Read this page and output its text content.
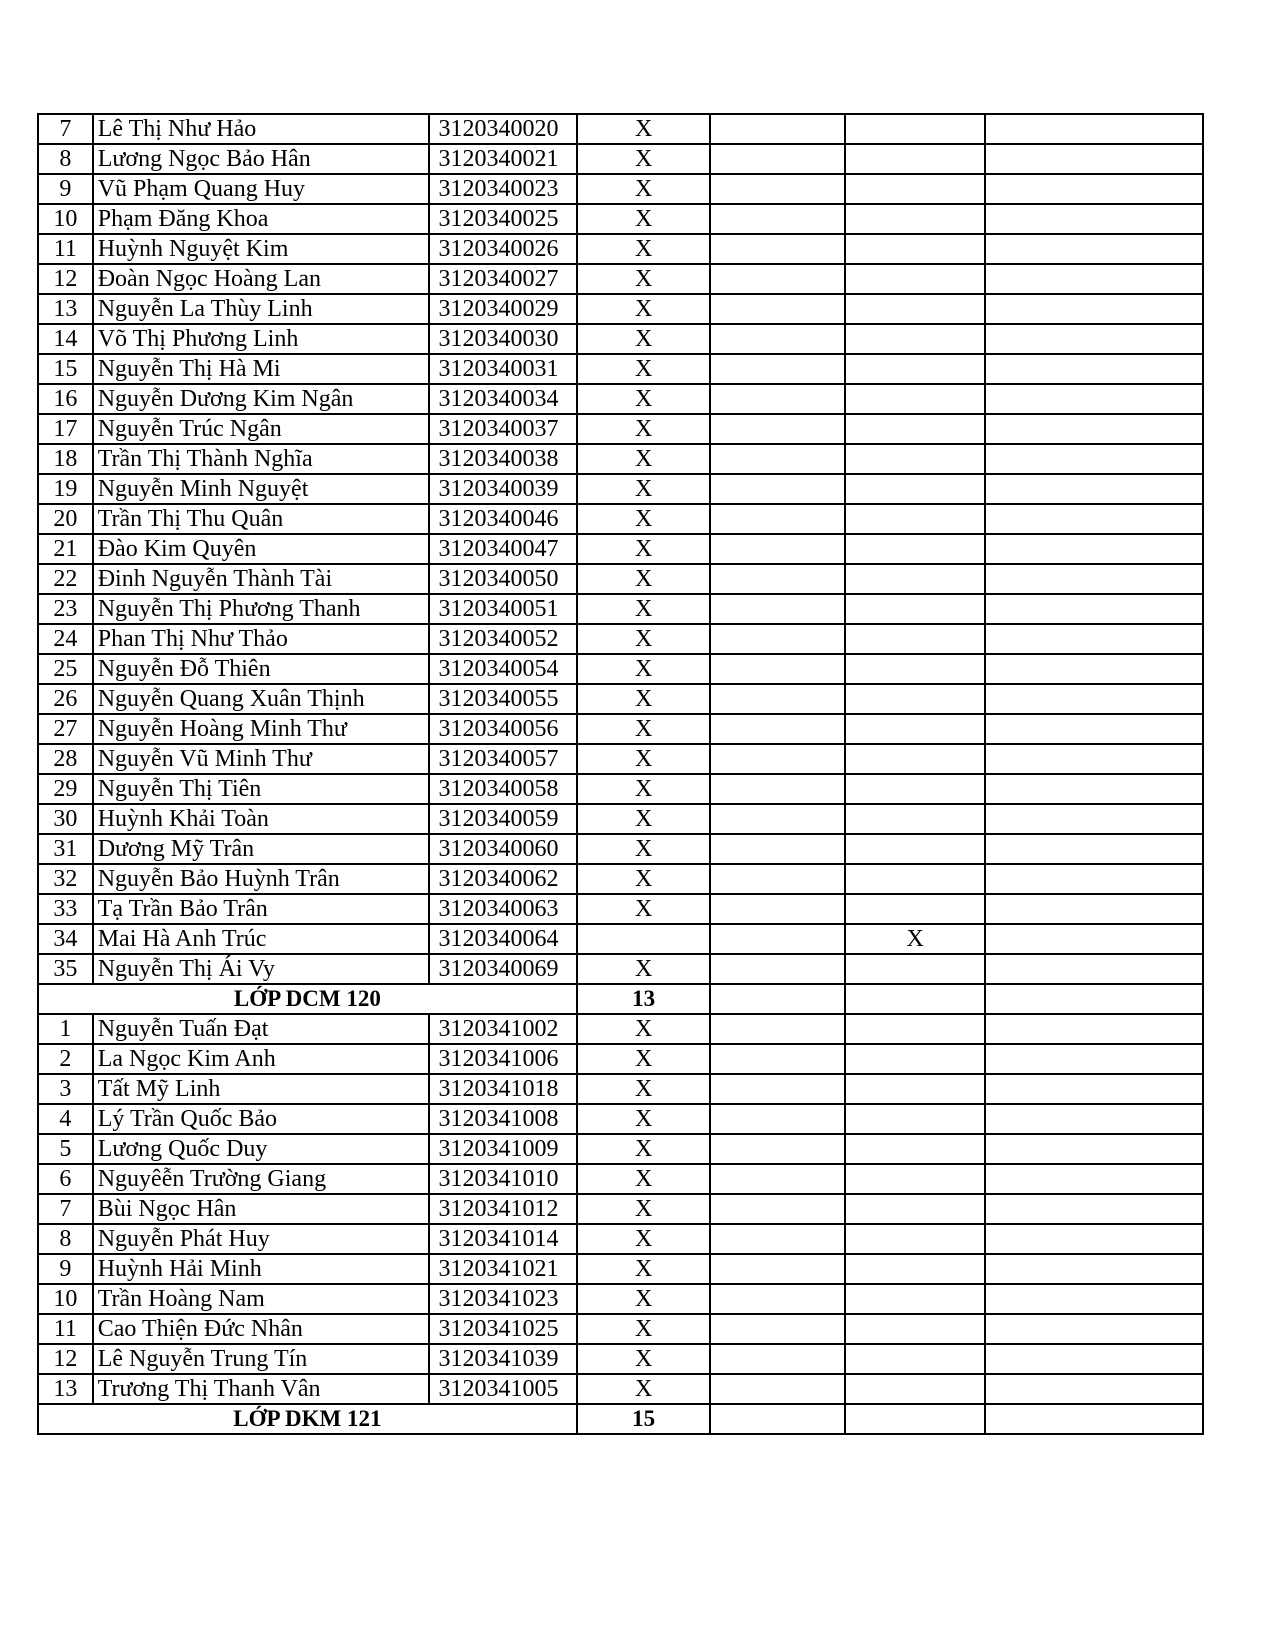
7	Lê Thị Như Hảo	3120340020	X			
8	Lương Ngọc Bảo Hân	3120340021	X			
9	Vũ Phạm Quang Huy	3120340023	X			
10	Phạm Đăng Khoa	3120340025	X			
11	Huỳnh Nguyệt Kim	3120340026	X			
12	Đoàn Ngọc Hoàng Lan	3120340027	X			
13	Nguyễn La Thùy Linh	3120340029	X			
14	Võ Thị Phương Linh	3120340030	X			
15	Nguyễn Thị Hà Mi	3120340031	X			
16	Nguyễn Dương Kim Ngân	3120340034	X			
17	Nguyễn Trúc Ngân	3120340037	X			
18	Trần Thị Thành Nghĩa	3120340038	X			
19	Nguyễn Minh Nguyệt	3120340039	X			
20	Trần Thị Thu Quân	3120340046	X			
21	Đào Kim Quyên	3120340047	X			
22	Đinh Nguyễn Thành Tài	3120340050	X			
23	Nguyễn Thị Phương Thanh	3120340051	X			
24	Phan Thị Như Thảo	3120340052	X			
25	Nguyễn Đỗ Thiên	3120340054	X			
26	Nguyễn Quang Xuân Thịnh	3120340055	X			
27	Nguyễn Hoàng Minh Thư	3120340056	X			
28	Nguyễn Vũ Minh Thư	3120340057	X			
29	Nguyễn Thị Tiên	3120340058	X			
30	Huỳnh Khải Toàn	3120340059	X			
31	Dương Mỹ Trân	3120340060	X			
32	Nguyễn Bảo Huỳnh Trân	3120340062	X			
33	Tạ Trần Bảo Trân	3120340063	X			
34	Mai Hà Anh Trúc	3120340064			X	
35	Nguyễn Thị Ái Vy	3120340069	X			
LỚP DCM 120			13			
1	Nguyễn Tuấn Đạt	3120341002	X			
2	La Ngọc Kim Anh	3120341006	X			
3	Tất Mỹ Linh	3120341018	X			
4	Lý Trần Quốc Bảo	3120341008	X			
5	Lương Quốc Duy	3120341009	X			
6	Nguyêễn Trường Giang	3120341010	X			
7	Bùi Ngọc Hân	3120341012	X			
8	Nguyễn Phát Huy	3120341014	X			
9	Huỳnh Hải Minh	3120341021	X			
10	Trần Hoàng Nam	3120341023	X			
11	Cao Thiện Đức Nhân	3120341025	X			
12	Lê Nguyễn Trung Tín	3120341039	X			
13	Trương Thị Thanh Vân	3120341005	X			
LỚP DKM 121			15			
